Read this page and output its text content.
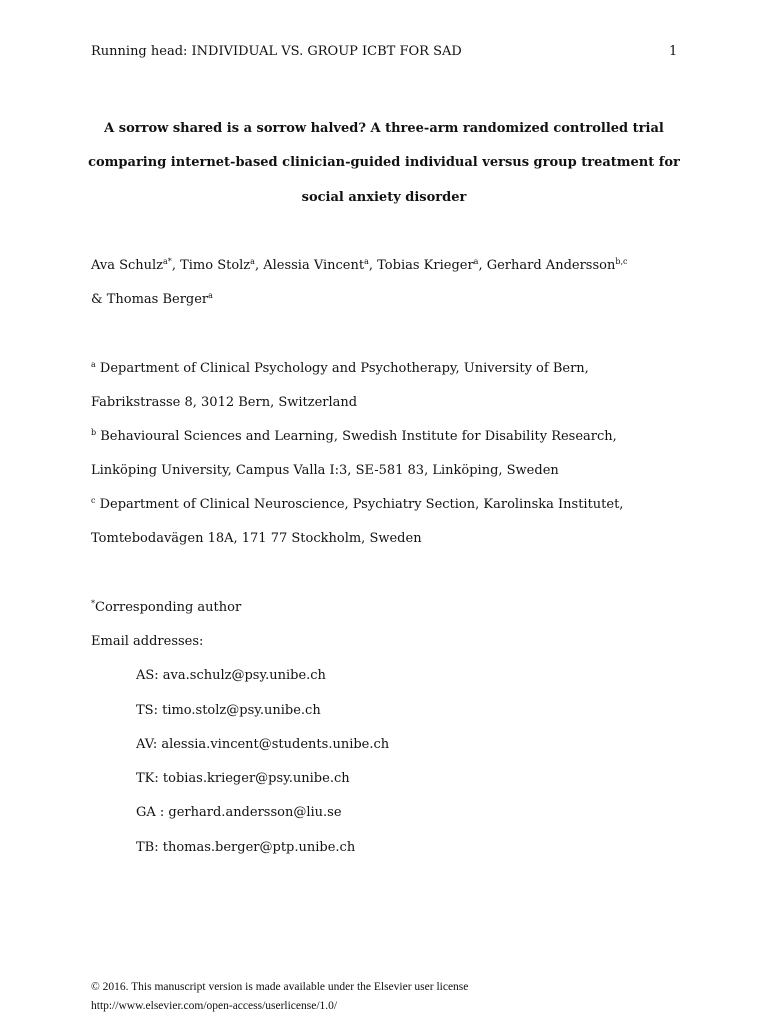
Running head: INDIVIDUAL VS. GROUP ICBT FOR SAD	1
A sorrow shared is a sorrow halved? A three-arm randomized controlled trial
comparing internet-based clinician-guided individual versus group treatment for
social anxiety disorder
Ava Schulz$^{a*}$, Timo Stolz$^a$, Alessia Vincent$^a$, Tobias Krieger$^a$, Gerhard Andersson$^{b,c}$
& Thomas Berger$^a$
$^a$ Department of Clinical Psychology and Psychotherapy, University of Bern,
Fabrikstrasse 8, 3012 Bern, Switzerland
$^b$ Behavioural Sciences and Learning, Swedish Institute for Disability Research,
Linköping University, Campus Valla I:3, SE-581 83, Linköping, Sweden
$^c$ Department of Clinical Neuroscience, Psychiatry Section, Karolinska Institutet,
Tomtebodavägen 18A, 171 77 Stockholm, Sweden
*Corresponding author
Email addresses:
AS: ava.schulz@psy.unibe.ch
TS: timo.stolz@psy.unibe.ch
AV: alessia.vincent@students.unibe.ch
TK: tobias.krieger@psy.unibe.ch
GA : gerhard.andersson@liu.se
TB: thomas.berger@ptp.unibe.ch
© 2016. This manuscript version is made available under the Elsevier user license
http://www.elsevier.com/open-access/userlicense/1.0/
